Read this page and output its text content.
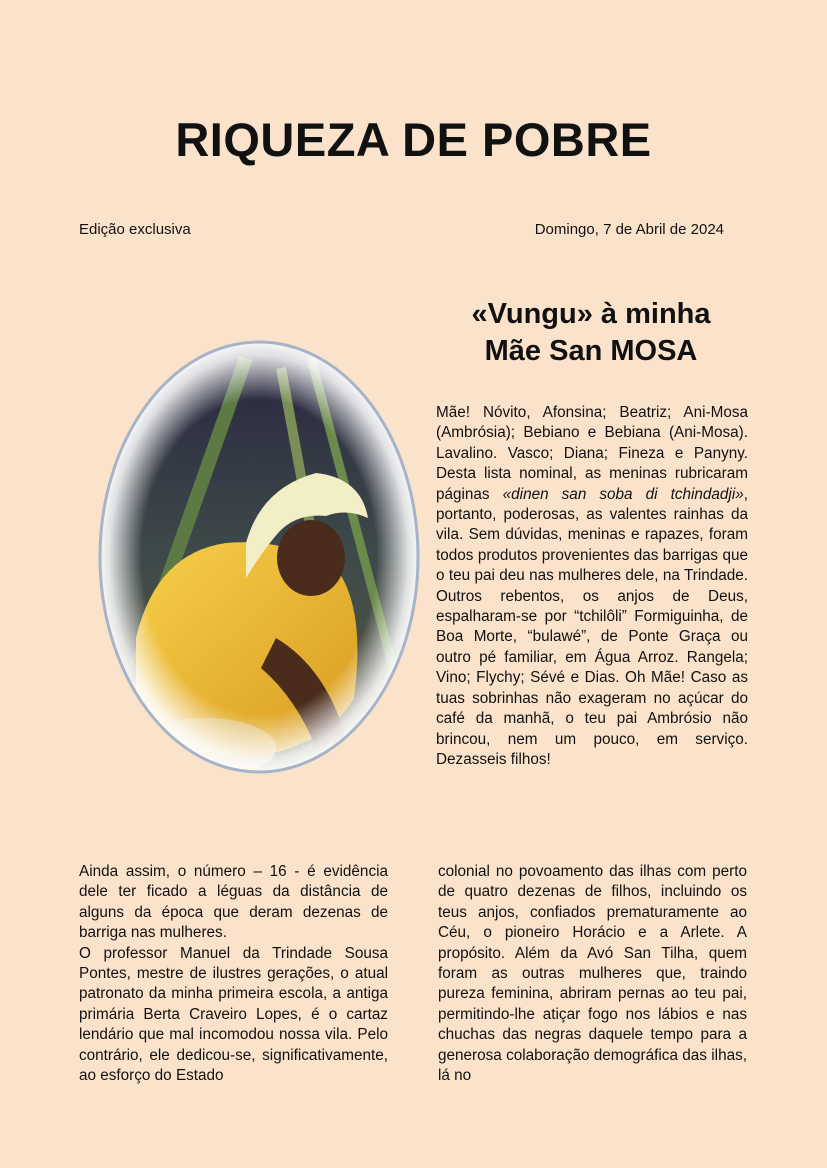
RIQUEZA DE POBRE
Edição exclusiva	Domingo, 7 de Abril de 2024
«Vungu» à minha
Mãe San MOSA

Mãe! Nóvito, Afonsina; Beatriz; Ani-Mosa (Ambrósia); Bebiano e Bebiana (Ani-Mosa). Lavalino. Vasco; Diana; Fineza e Panyny. Desta lista nominal, as meninas rubricaram páginas «dinen san soba di tchindadji», portanto, poderosas, as valentes rainhas da vila. Sem dúvidas, meninas e rapazes, foram todos produtos provenientes das barrigas que o teu pai deu nas mulheres dele, na Trindade. Outros rebentos, os anjos de Deus, espalharam-se por “tchilôli” Formiguinha, de Boa Morte, “bulawé”, de Ponte Graça ou outro pé familiar, em Água Arroz. Rangela; Vino; Flychy; Sévé e Dias. Oh Mãe! Caso as tuas sobrinhas não exageram no açúcar do café da manhã, o teu pai Ambrósio não brincou, nem um pouco, em serviço. Dezasseis filhos!

Ainda assim, o número – 16 - é evidência dele ter ficado a léguas da distância de alguns da época que deram dezenas de barriga nas mulheres.

O professor Manuel da Trindade Sousa Pontes, mestre de ilustres gerações, o atual patronato da minha primeira escola, a antiga primária Berta Craveiro Lopes, é o cartaz lendário que mal incomodou nossa vila. Pelo contrário, ele dedicou-se, significativamente, ao esforço do Estado

colonial no povoamento das ilhas com perto de quatro dezenas de filhos, incluindo os teus anjos, confiados prematuramente ao Céu, o pioneiro Horácio e a Arlete. A propósito. Além da Avó San Tilha, quem foram as outras mulheres que, traindo pureza feminina, abriram pernas ao teu pai, permitindo-lhe atiçar fogo nos lábios e nas chuchas das negras daquele tempo para a generosa colaboração demográfica das ilhas, lá no
